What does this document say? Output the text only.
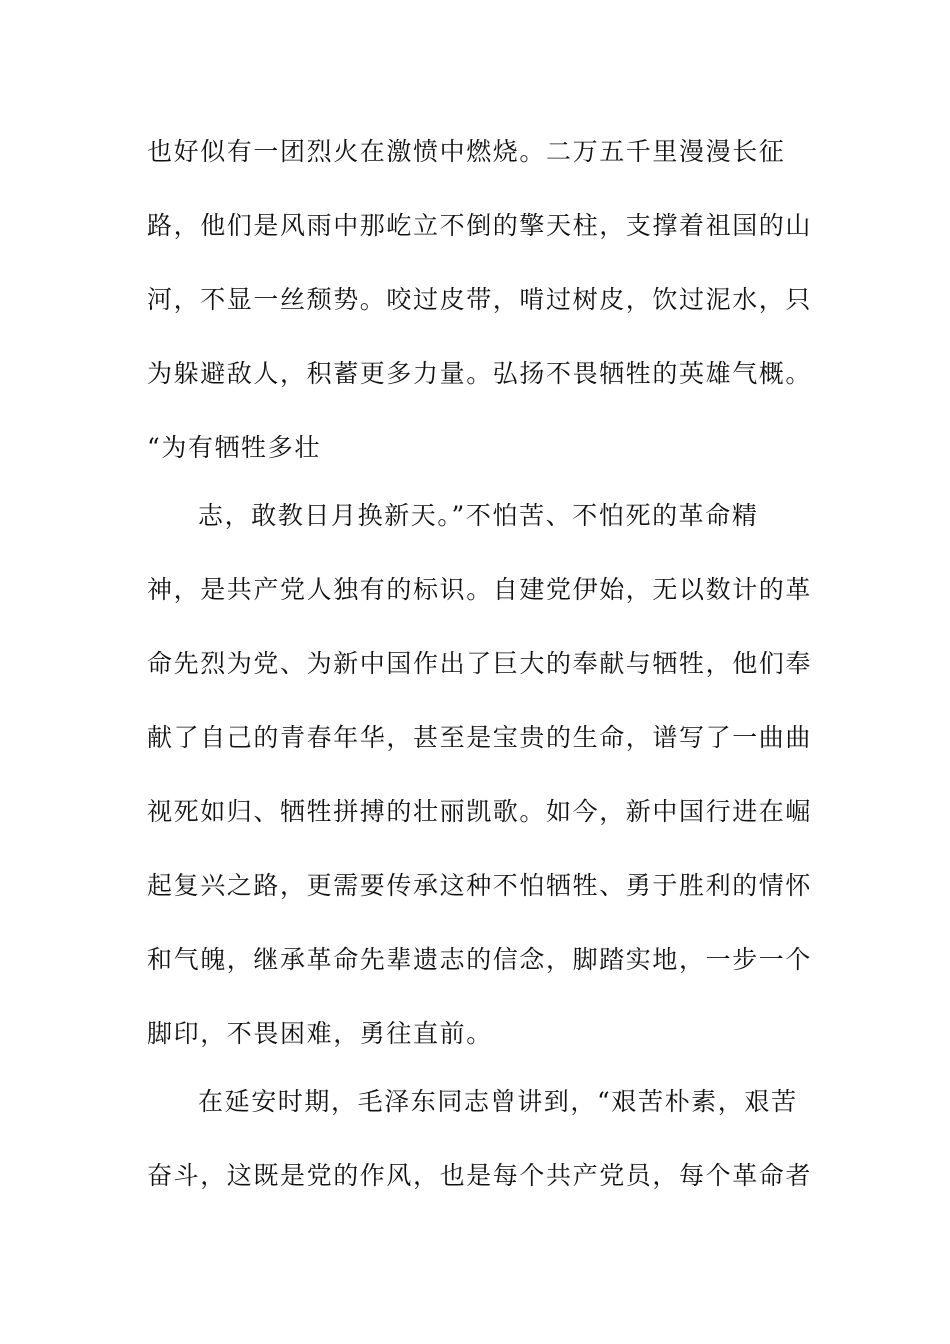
也好似有一团烈火在激愤中燃烧。二万五千里漫漫长征
路，他们是风雨中那屹立不倒的擎天柱，支撑着祖国的山
河，不显一丝颓势。咬过皮带，啃过树皮，饮过泥水，只
为躲避敌人，积蓄更多力量。弘扬不畏牺牲的英雄气概。
“为有牺牲多壮
志，敢教日月换新天。”不怕苦、不怕死的革命精
神，是共产党人独有的标识。自建党伊始，无以数计的革
命先烈为党、为新中国作出了巨大的奉献与牺牲，他们奉
献了自己的青春年华，甚至是宝贵的生命，谱写了一曲曲
视死如归、牺牲拼搏的壮丽凯歌。如今，新中国行进在崛
起复兴之路，更需要传承这种不怕牺牲、勇于胜利的情怀
和气魄，继承革命先辈遗志的信念，脚踏实地，一步一个
脚印，不畏困难，勇往直前。
在延安时期，毛泽东同志曾讲到，“艰苦朴素，艰苦
奋斗，这既是党的作风，也是每个共产党员，每个革命者
